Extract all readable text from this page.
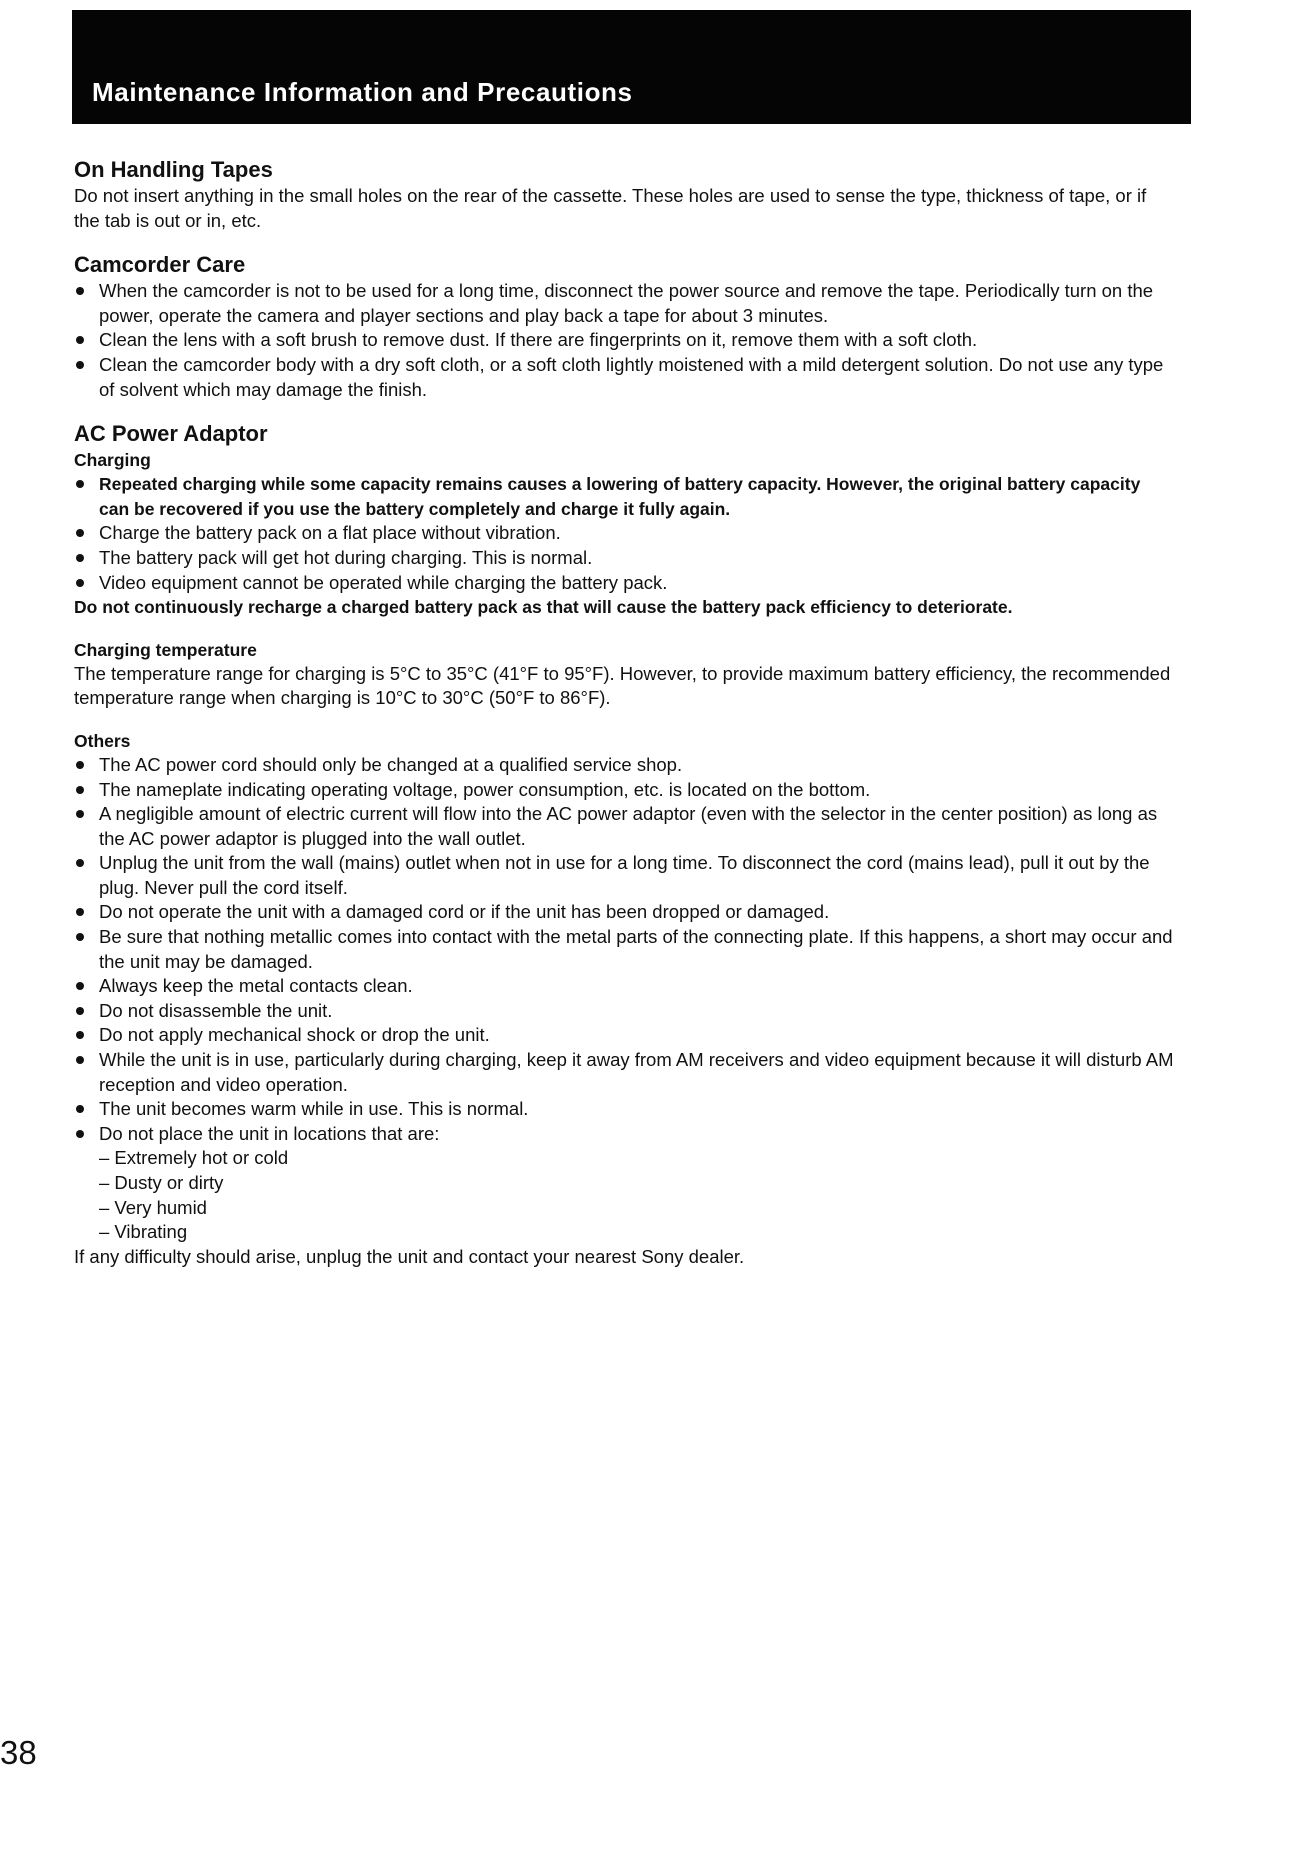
Maintenance Information and Precautions
On Handling Tapes

Do not insert anything in the small holes on the rear of the cassette. These holes are used to sense the type, thickness of tape, or if the tab is out or in, etc.

Camcorder Care
When the camcorder is not to be used for a long time, disconnect the power source and remove the tape. Periodically turn on the power, operate the camera and player sections and play back a tape for about 3 minutes.
Clean the lens with a soft brush to remove dust. If there are fingerprints on it, remove them with a soft cloth.
Clean the camcorder body with a dry soft cloth, or a soft cloth lightly moistened with a mild detergent solution. Do not use any type of solvent which may damage the finish.
AC Power Adaptor
Charging
Repeated charging while some capacity remains causes a lowering of battery capacity. However, the original battery capacity can be recovered if you use the battery completely and charge it fully again.
Charge the battery pack on a flat place without vibration.
The battery pack will get hot during charging. This is normal.
Video equipment cannot be operated while charging the battery pack.

Do not continuously recharge a charged battery pack as that will cause the battery pack efficiency to deteriorate.

Charging temperature

The temperature range for charging is 5°C to 35°C (41°F to 95°F). However, to provide maximum battery efficiency, the recommended temperature range when charging is 10°C to 30°C (50°F to 86°F).

Others
The AC power cord should only be changed at a qualified service shop.
The nameplate indicating operating voltage, power consumption, etc. is located on the bottom.
A negligible amount of electric current will flow into the AC power adaptor (even with the selector in the center position) as long as the AC power adaptor is plugged into the wall outlet.
Unplug the unit from the wall (mains) outlet when not in use for a long time. To disconnect the cord (mains lead), pull it out by the plug. Never pull the cord itself.
Do not operate the unit with a damaged cord or if the unit has been dropped or damaged.
Be sure that nothing metallic comes into contact with the metal parts of the connecting plate. If this happens, a short may occur and the unit may be damaged.
Always keep the metal contacts clean.
Do not disassemble the unit.
Do not apply mechanical shock or drop the unit.
While the unit is in use, particularly during charging, keep it away from AM receivers and video equipment because it will disturb AM reception and video operation.
The unit becomes warm while in use. This is normal.
Do not place the unit in locations that are:
– Extremely hot or cold
– Dusty or dirty
– Very humid
– Vibrating

If any difficulty should arise, unplug the unit and contact your nearest Sony dealer.

38
